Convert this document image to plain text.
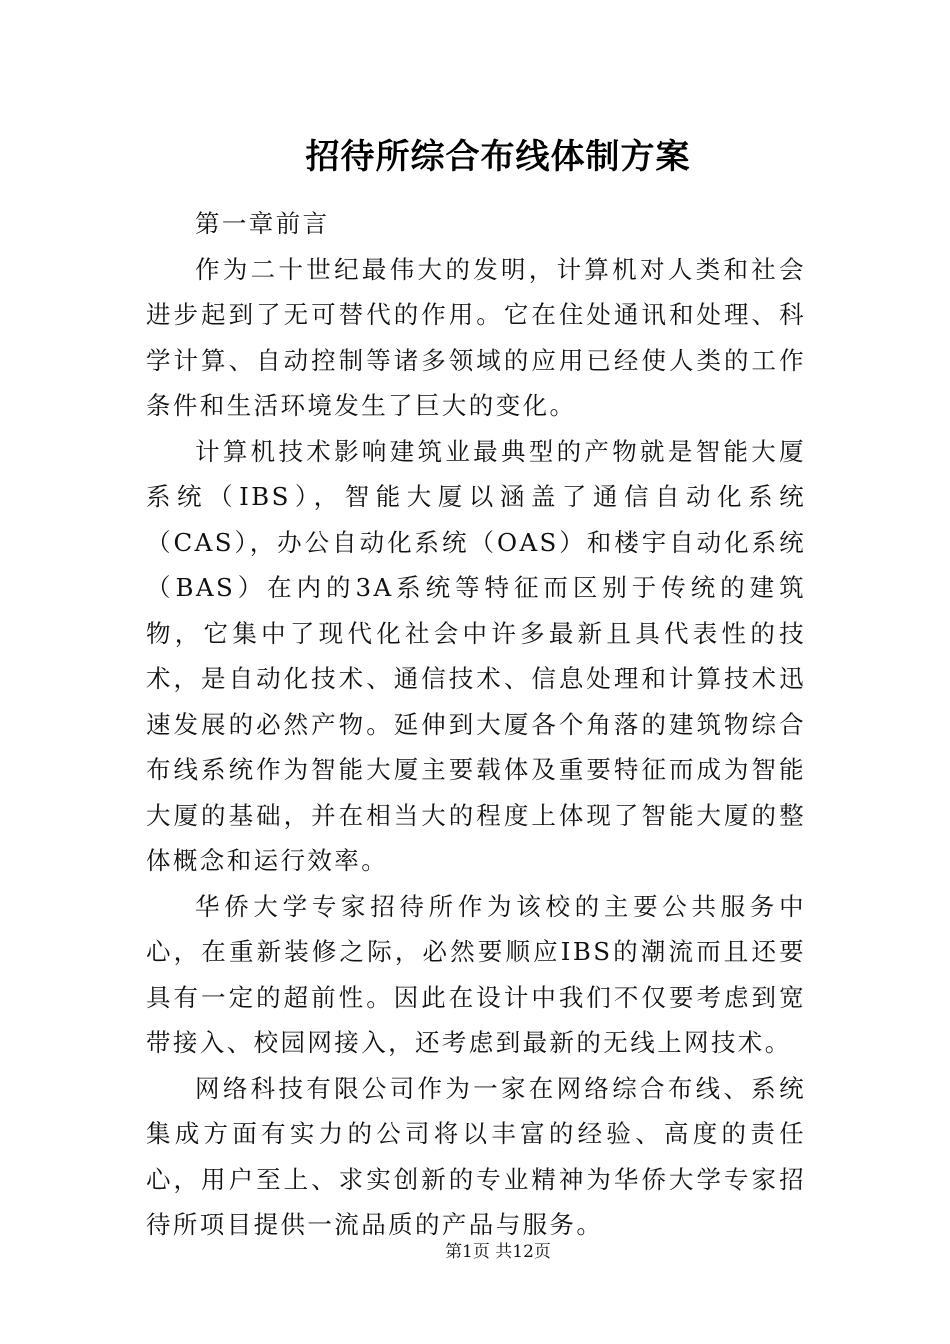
招待所综合布线体制方案

第一章前言

作为二十世纪最伟大的发明，计算机对人类和社会进步起到了无可替代的作用。它在住处通讯和处理、科学计算、自动控制等诸多领域的应用已经使人类的工作条件和生活环境发生了巨大的变化。

计算机技术影响建筑业最典型的产物就是智能大厦系统（IBS），智能大厦以涵盖了通信自动化系统（CAS），办公自动化系统（OAS）和楼宇自动化系统（BAS）在内的3A系统等特征而区别于传统的建筑物，它集中了现代化社会中许多最新且具代表性的技术，是自动化技术、通信技术、信息处理和计算技术迅速发展的必然产物。延伸到大厦各个角落的建筑物综合布线系统作为智能大厦主要载体及重要特征而成为智能大厦的基础，并在相当大的程度上体现了智能大厦的整体概念和运行效率。

华侨大学专家招待所作为该校的主要公共服务中心，在重新装修之际，必然要顺应IBS的潮流而且还要具有一定的超前性。因此在设计中我们不仅要考虑到宽带接入、校园网接入，还考虑到最新的无线上网技术。

网络科技有限公司作为一家在网络综合布线、系统集成方面有实力的公司将以丰富的经验、高度的责任心，用户至上、求实创新的专业精神为华侨大学专家招待所项目提供一流品质的产品与服务。

第1页 共12页
